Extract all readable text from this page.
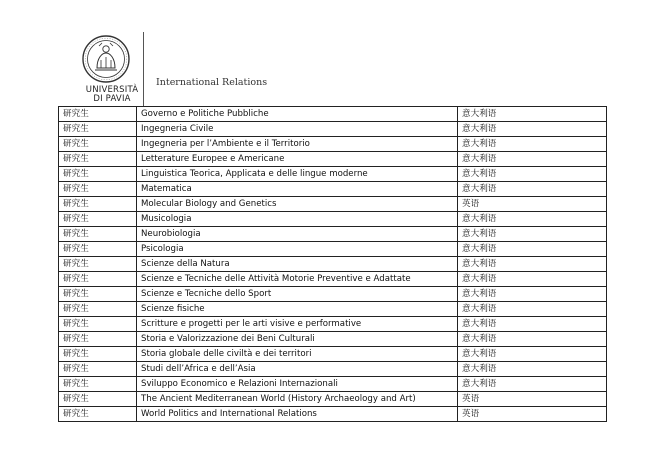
UNIVERSITÀ
DI PAVIA
International Relations
研究生	Governo e Politiche Pubbliche	意大利语
研究生	Ingegneria Civile	意大利语
研究生	Ingegneria per l’Ambiente e il Territorio	意大利语
研究生	Letterature Europee e Americane	意大利语
研究生	Linguistica Teorica, Applicata e delle lingue moderne	意大利语
研究生	Matematica	意大利语
研究生	Molecular Biology and Genetics	英语
研究生	Musicologia	意大利语
研究生	Neurobiologia	意大利语
研究生	Psicologia	意大利语
研究生	Scienze della Natura	意大利语
研究生	Scienze e Tecniche delle Attività Motorie Preventive e Adattate	意大利语
研究生	Scienze e Tecniche dello Sport	意大利语
研究生	Scienze fisiche	意大利语
研究生	Scritture e progetti per le arti visive e performative	意大利语
研究生	Storia e Valorizzazione dei Beni Culturali	意大利语
研究生	Storia globale delle civiltà e dei territori	意大利语
研究生	Studi dell’Africa e dell’Asia	意大利语
研究生	Sviluppo Economico e Relazioni Internazionali	意大利语
研究生	The Ancient Mediterranean World (History Archaeology and Art)	英语
研究生	World Politics and International Relations	英语
